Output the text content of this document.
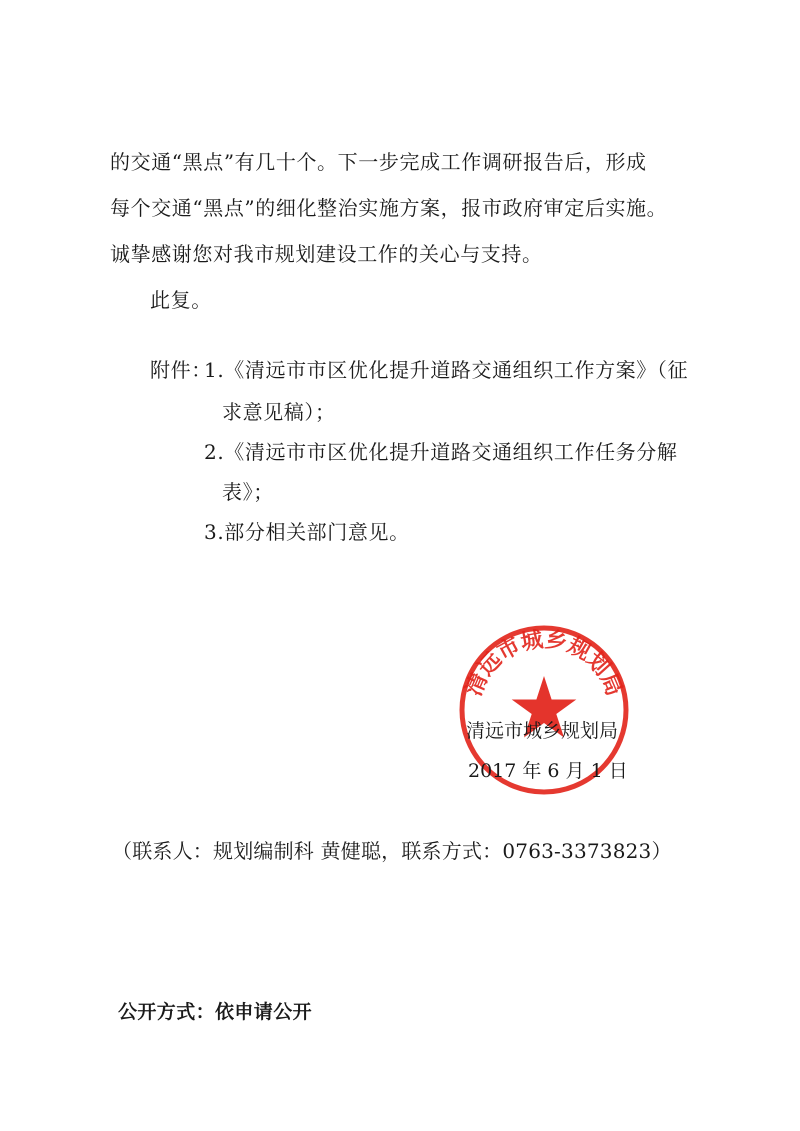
的交通“黑点”有几十个。下一步完成工作调研报告后，形成
每个交通“黑点”的细化整治实施方案，报市政府审定后实施。
诚挚感谢您对我市规划建设工作的关心与支持。
此复。
附件：
1.《清远市市区优化提升道路交通组织工作方案》（征
求意见稿）；
2.《清远市市区优化提升道路交通组织工作任务分解
表》；
3.部分相关部门意见。
清远市城乡规划局
清远市城乡规划局
2017 年 6 月 1 日
（联系人：规划编制科 黄健聪，联系方式：0763-3373823）
公开方式：依申请公开
